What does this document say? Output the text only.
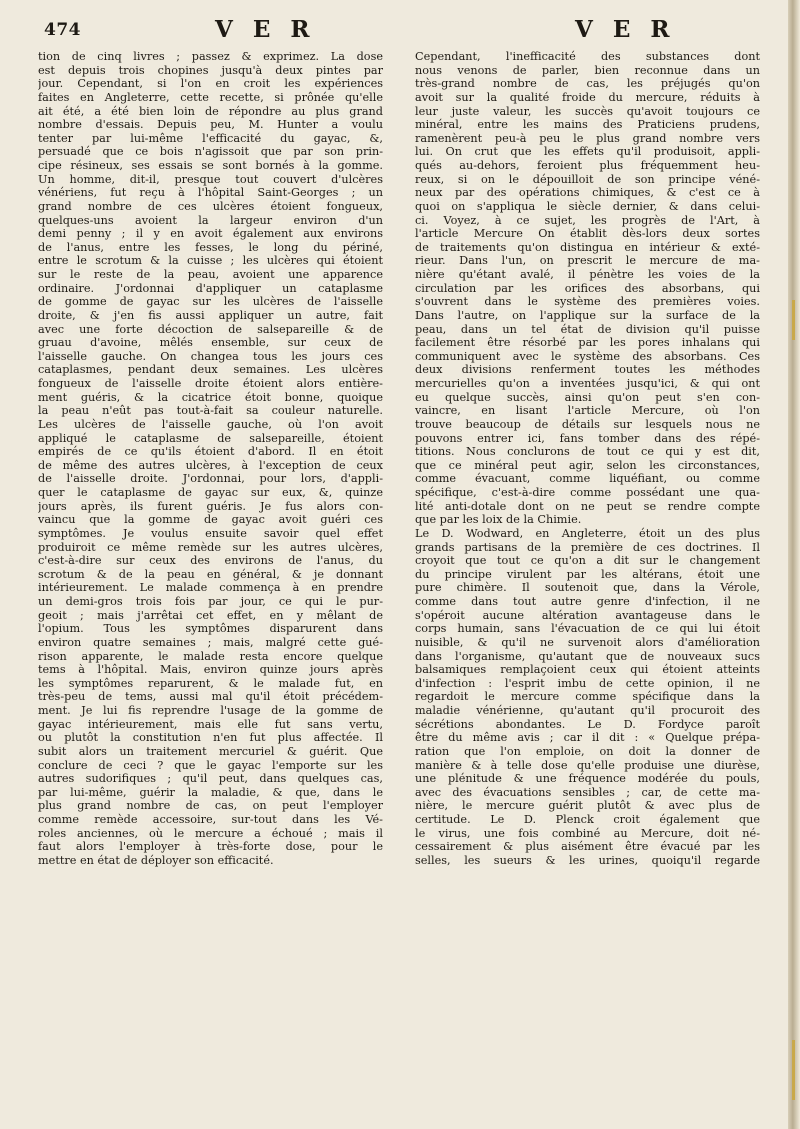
474	V E R	V E R
tion de cinq livres ; passez & exprimez. La dose
est depuis trois chopines jusqu'à deux pintes par
jour. Cependant, si l'on en croit les expériences
faites en Angleterre, cette recette, si prônée qu'elle
ait été, a été bien loin de répondre au plus grand
nombre d'essais. Depuis peu, M. Hunter a voulu
tenter par lui-même l'efficacité du gayac, &,
persuadé que ce bois n'agissoit que par son prin-
cipe résineux, ses essais se sont bornés à la gomme.
Un homme, dit-il, presque tout couvert d'ulcères
vénériens, fut reçu à l'hôpital Saint-Georges ; un
grand nombre de ces ulcères étoient fongueux,
quelques-uns avoient la largeur environ d'un
demi penny ; il y en avoit également aux environs
de l'anus, entre les fesses, le long du périné,
entre le scrotum & la cuisse ; les ulcères qui étoient
sur le reste de la peau, avoient une apparence
ordinaire. J'ordonnai d'appliquer un cataplasme
de gomme de gayac sur les ulcères de l'aisselle
droite, & j'en fis aussi appliquer un autre, fait
avec une forte décoction de salsepareille & de
gruau d'avoine, mêlés ensemble, sur ceux de
l'aisselle gauche. On changea tous les jours ces
cataplasmes, pendant deux semaines. Les ulcères
fongueux de l'aisselle droite étoient alors entière-
ment guéris, & la cicatrice étoit bonne, quoique
la peau n'eût pas tout-à-fait sa couleur naturelle.
Les ulcères de l'aisselle gauche, où l'on avoit
appliqué le cataplasme de salsepareille, étoient
empirés de ce qu'ils étoient d'abord. Il en étoit
de même des autres ulcères, à l'exception de ceux
de l'aisselle droite. J'ordonnai, pour lors, d'appli-
quer le cataplasme de gayac sur eux, &, quinze
jours après, ils furent guéris. Je fus alors con-
vaincu que la gomme de gayac avoit guéri ces
symptômes. Je voulus ensuite savoir quel effet
produiroit ce même remède sur les autres ulcères,
c'est-à-dire sur ceux des environs de l'anus, du
scrotum & de la peau en général, & je donnant
intérieurement. Le malade commença à en prendre
un demi-gros trois fois par jour, ce qui le pur-
geoit ; mais j'arrêtai cet effet, en y mêlant de
l'opium. Tous les symptômes disparurent dans
environ quatre semaines ; mais, malgré cette gué-
rison apparente, le malade resta encore quelque
tems à l'hôpital. Mais, environ quinze jours après
les symptômes reparurent, & le malade fut, en
très-peu de tems, aussi mal qu'il étoit précédem-
ment. Je lui fis reprendre l'usage de la gomme de
gayac intérieurement, mais elle fut sans vertu,
ou plutôt la constitution n'en fut plus affectée. Il
subit alors un traitement mercuriel & guérit. Que
conclure de ceci ? que le gayac l'emporte sur les
autres sudorifiques ; qu'il peut, dans quelques cas,
par lui-même, guérir la maladie, & que, dans le
plus grand nombre de cas, on peut l'employer
comme remède accessoire, sur-tout dans les Vé-
roles anciennes, où le mercure a échoué ; mais il
faut alors l'employer à très-forte dose, pour le
mettre en état de déployer son efficacité.
Cependant, l'inefficacité des substances dont
nous venons de parler, bien reconnue dans un
très-grand nombre de cas, les préjugés qu'on
avoit sur la qualité froide du mercure, réduits à
leur juste valeur, les succès qu'avoit toujours ce
minéral, entre les mains des Praticiens prudens,
ramenèrent peu-à peu le plus grand nombre vers
lui. On crut que les effets qu'il produisoit, appli-
qués au-dehors, feroient plus fréquemment heu-
reux, si on le dépouilloit de son principe véné-
neux par des opérations chimiques, & c'est ce à
quoi on s'appliqua le siècle dernier, & dans celui-
ci. Voyez, à ce sujet, les progrès de l'Art, à
l'article Mercure On établit dès-lors deux sortes
de traitements qu'on distingua en intérieur & exté-
rieur. Dans l'un, on prescrit le mercure de ma-
nière qu'étant avalé, il pénètre les voies de la
circulation par les orifices des absorbans, qui
s'ouvrent dans le système des premières voies.
Dans l'autre, on l'applique sur la surface de la
peau, dans un tel état de division qu'il puisse
facilement être résorbé par les pores inhalans qui
communiquent avec le système des absorbans. Ces
deux divisions renferment toutes les méthodes
mercurielles qu'on a inventées jusqu'ici, & qui ont
eu quelque succès, ainsi qu'on peut s'en con-
vaincre, en lisant l'article Mercure, où l'on
trouve beaucoup de détails sur lesquels nous ne
pouvons entrer ici, fans tomber dans des répé-
titions. Nous conclurons de tout ce qui y est dit,
que ce minéral peut agir, selon les circonstances,
comme évacuant, comme liquéfiant, ou comme
spécifique, c'est-à-dire comme possédant une qua-
lité anti-dotale dont on ne peut se rendre compte
que par les loix de la Chimie.
Le D. Wodward, en Angleterre, étoit un des plus
grands partisans de la première de ces doctrines. Il
croyoit que tout ce qu'on a dit sur le changement
du principe virulent par les altérans, étoit une
pure chimère. Il soutenoit que, dans la Vérole,
comme dans tout autre genre d'infection, il ne
s'opéroit aucune altération avantageuse dans le
corps humain, sans l'évacuation de ce qui lui étoit
nuisible, & qu'il ne survenoit alors d'amélioration
dans l'organisme, qu'autant que de nouveaux sucs
balsamiques remplaçoient ceux qui étoient atteints
d'infection : l'esprit imbu de cette opinion, il ne
regardoit le mercure comme spécifique dans la
maladie vénérienne, qu'autant qu'il procuroit des
sécrétions abondantes. Le D. Fordyce paroît
être du même avis ; car il dit : « Quelque prépa-
ration que l'on emploie, on doit la donner de
manière & à telle dose qu'elle produise une diurèse,
une plénitude & une fréquence modérée du pouls,
avec des évacuations sensibles ; car, de cette ma-
nière, le mercure guérit plutôt & avec plus de
certitude. Le D. Plenck croit également que
le virus, une fois combiné au Mercure, doit né-
cessairement & plus aisément être évacué par les
selles, les sueurs & les urines, quoiqu'il regarde
